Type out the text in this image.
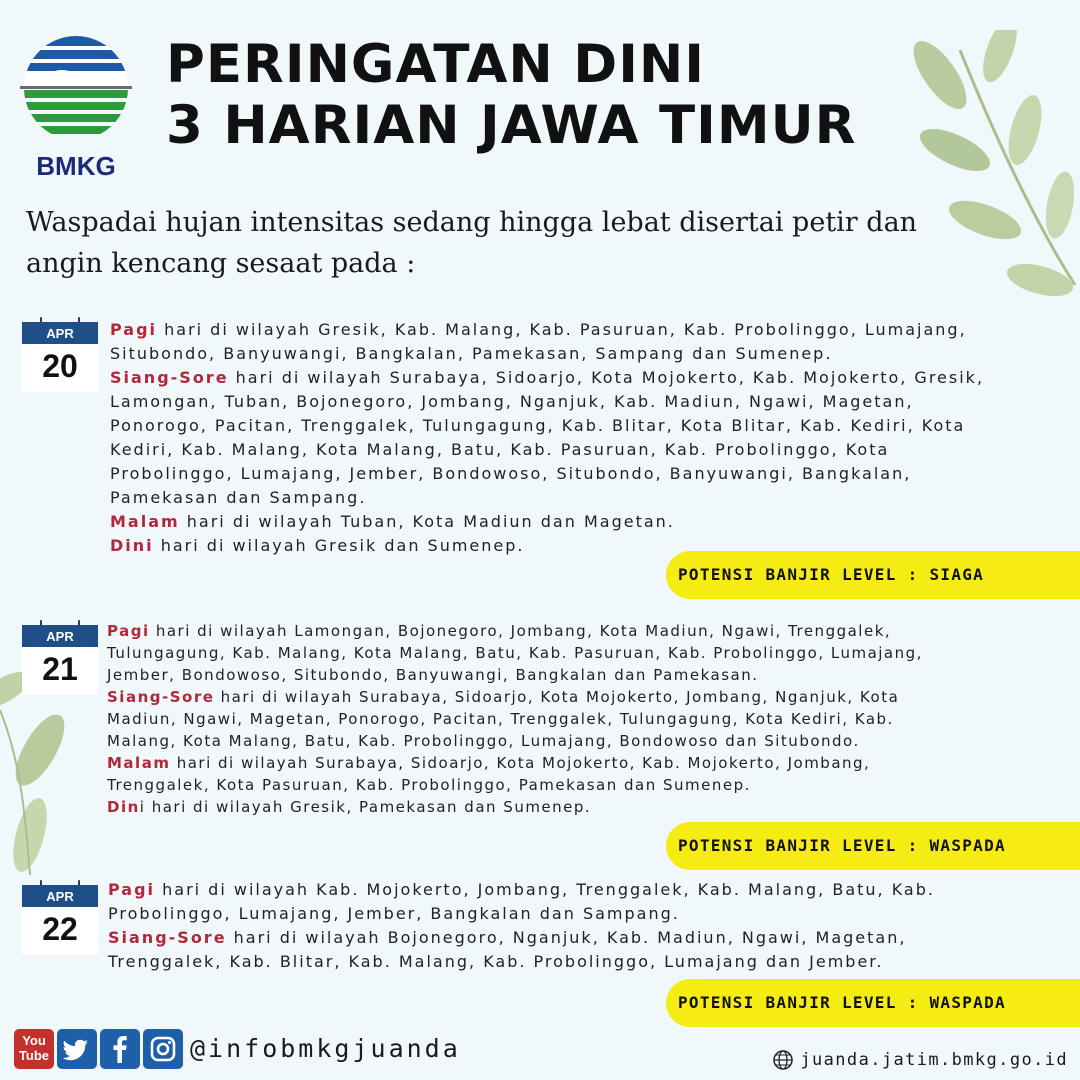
BMKG
PERINGATAN DINI
3 HARIAN JAWA TIMUR
Waspadai hujan intensitas sedang hingga lebat disertai petir dan
angin kencang sesaat pada :
APR
20
Pagi hari di wilayah Gresik, Kab. Malang, Kab. Pasuruan, Kab. Probolinggo, Lumajang,
Situbondo, Banyuwangi, Bangkalan, Pamekasan, Sampang dan Sumenep.
Siang-Sore hari di wilayah Surabaya, Sidoarjo, Kota Mojokerto, Kab. Mojokerto, Gresik,
Lamongan, Tuban, Bojonegoro, Jombang, Nganjuk, Kab. Madiun, Ngawi, Magetan,
Ponorogo, Pacitan, Trenggalek, Tulungagung, Kab. Blitar, Kota Blitar, Kab. Kediri, Kota
Kediri, Kab. Malang, Kota Malang, Batu, Kab. Pasuruan, Kab. Probolinggo, Kota
Probolinggo, Lumajang, Jember, Bondowoso, Situbondo, Banyuwangi, Bangkalan,
Pamekasan dan Sampang.
Malam hari di wilayah Tuban, Kota Madiun dan Magetan.
Dini hari di wilayah Gresik dan Sumenep.
POTENSI BANJIR LEVEL : SIAGA
APR
21
Pagi hari di wilayah Lamongan, Bojonegoro, Jombang, Kota Madiun, Ngawi, Trenggalek,
Tulungagung, Kab. Malang, Kota Malang, Batu, Kab. Pasuruan, Kab. Probolinggo, Lumajang,
Jember, Bondowoso, Situbondo, Banyuwangi, Bangkalan dan Pamekasan.
Siang-Sore hari di wilayah Surabaya, Sidoarjo, Kota Mojokerto, Jombang, Nganjuk, Kota
Madiun, Ngawi, Magetan, Ponorogo, Pacitan, Trenggalek, Tulungagung, Kota Kediri, Kab.
Malang, Kota Malang, Batu, Kab. Probolinggo, Lumajang, Bondowoso dan Situbondo.
Malam hari di wilayah Surabaya, Sidoarjo, Kota Mojokerto, Kab. Mojokerto, Jombang,
Trenggalek, Kota Pasuruan, Kab. Probolinggo, Pamekasan dan Sumenep.
Dini hari di wilayah Gresik, Pamekasan dan Sumenep.
POTENSI BANJIR LEVEL : WASPADA
APR
22
Pagi hari di wilayah Kab. Mojokerto, Jombang, Trenggalek, Kab. Malang, Batu, Kab.
Probolinggo, Lumajang, Jember, Bangkalan dan Sampang.
Siang-Sore hari di wilayah Bojonegoro, Nganjuk, Kab. Madiun, Ngawi, Magetan,
Trenggalek, Kab. Blitar, Kab. Malang, Kab. Probolinggo, Lumajang dan Jember.
POTENSI BANJIR LEVEL : WASPADA
You
Tube	@infobmkgjuanda	juanda.jatim.bmkg.go.id
